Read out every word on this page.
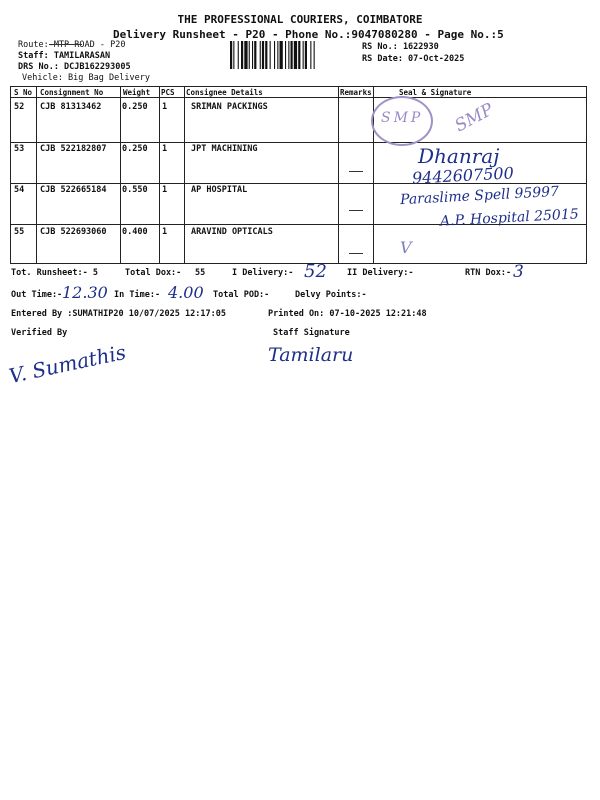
THE PROFESSIONAL COURIERS, COIMBATORE
Delivery Runsheet - P20 - Phone No.:9047080280 - Page No.:5
Route:-MTP ROAD - P20
Staff: TAMILARASAN
DRS No.: DCJB162293005
Vehicle: Big Bag Delivery
RS No.: 1622930
RS Date: 07-Oct-2025
S No Consignment No	Weight PCS Consignee Details	Remarks	Seal & Signature
52 CJB 81313462 0.250 1	SRIMAN PACKINGS
53 CJB 522182807 0.250 1	JPT MACHINING
54 CJB 522665184 0.550 1	AP HOSPITAL
55 CJB 522693060 0.400 1	ARAVIND OPTICALS
SMP SMP
Dhanraj
9442607500
Paraslime Spell 95997
A.P. Hospital 25015
V
Tot. Runsheet:- 5	Total Dox:- 55	I Delivery:- 52 II Delivery:-	RTN Dox:- 3
Out Time:- 12.30 In Time:- 4.00 Total POD:-	Delvy Points:-
Entered By :SUMATHIP20 10/07/2025 12:17:05	Printed On: 07-10-2025 12:21:48
Verified By	Staff Signature
V. Sumathis	Tamilaru
